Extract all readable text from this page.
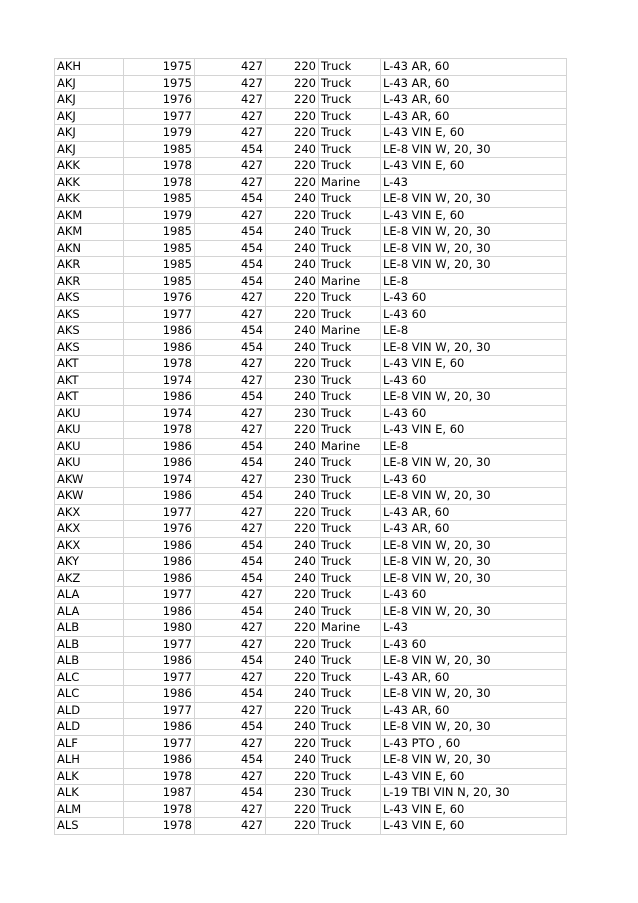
AKH	1975	427	220	Truck	L-43 AR, 60
AKJ	1975	427	220	Truck	L-43 AR, 60
AKJ	1976	427	220	Truck	L-43 AR, 60
AKJ	1977	427	220	Truck	L-43 AR, 60
AKJ	1979	427	220	Truck	L-43 VIN E, 60
AKJ	1985	454	240	Truck	LE-8 VIN W, 20, 30
AKK	1978	427	220	Truck	L-43 VIN E, 60
AKK	1978	427	220	Marine	L-43
AKK	1985	454	240	Truck	LE-8 VIN W, 20, 30
AKM	1979	427	220	Truck	L-43 VIN E, 60
AKM	1985	454	240	Truck	LE-8 VIN W, 20, 30
AKN	1985	454	240	Truck	LE-8 VIN W, 20, 30
AKR	1985	454	240	Truck	LE-8 VIN W, 20, 30
AKR	1985	454	240	Marine	LE-8
AKS	1976	427	220	Truck	L-43 60
AKS	1977	427	220	Truck	L-43 60
AKS	1986	454	240	Marine	LE-8
AKS	1986	454	240	Truck	LE-8 VIN W, 20, 30
AKT	1978	427	220	Truck	L-43 VIN E, 60
AKT	1974	427	230	Truck	L-43 60
AKT	1986	454	240	Truck	LE-8 VIN W, 20, 30
AKU	1974	427	230	Truck	L-43 60
AKU	1978	427	220	Truck	L-43 VIN E, 60
AKU	1986	454	240	Marine	LE-8
AKU	1986	454	240	Truck	LE-8 VIN W, 20, 30
AKW	1974	427	230	Truck	L-43 60
AKW	1986	454	240	Truck	LE-8 VIN W, 20, 30
AKX	1977	427	220	Truck	L-43 AR, 60
AKX	1976	427	220	Truck	L-43 AR, 60
AKX	1986	454	240	Truck	LE-8 VIN W, 20, 30
AKY	1986	454	240	Truck	LE-8 VIN W, 20, 30
AKZ	1986	454	240	Truck	LE-8 VIN W, 20, 30
ALA	1977	427	220	Truck	L-43 60
ALA	1986	454	240	Truck	LE-8 VIN W, 20, 30
ALB	1980	427	220	Marine	L-43
ALB	1977	427	220	Truck	L-43 60
ALB	1986	454	240	Truck	LE-8 VIN W, 20, 30
ALC	1977	427	220	Truck	L-43 AR, 60
ALC	1986	454	240	Truck	LE-8 VIN W, 20, 30
ALD	1977	427	220	Truck	L-43 AR, 60
ALD	1986	454	240	Truck	LE-8 VIN W, 20, 30
ALF	1977	427	220	Truck	L-43 PTO , 60
ALH	1986	454	240	Truck	LE-8 VIN W, 20, 30
ALK	1978	427	220	Truck	L-43 VIN E, 60
ALK	1987	454	230	Truck	L-19 TBI VIN N, 20, 30
ALM	1978	427	220	Truck	L-43 VIN E, 60
ALS	1978	427	220	Truck	L-43 VIN E, 60
